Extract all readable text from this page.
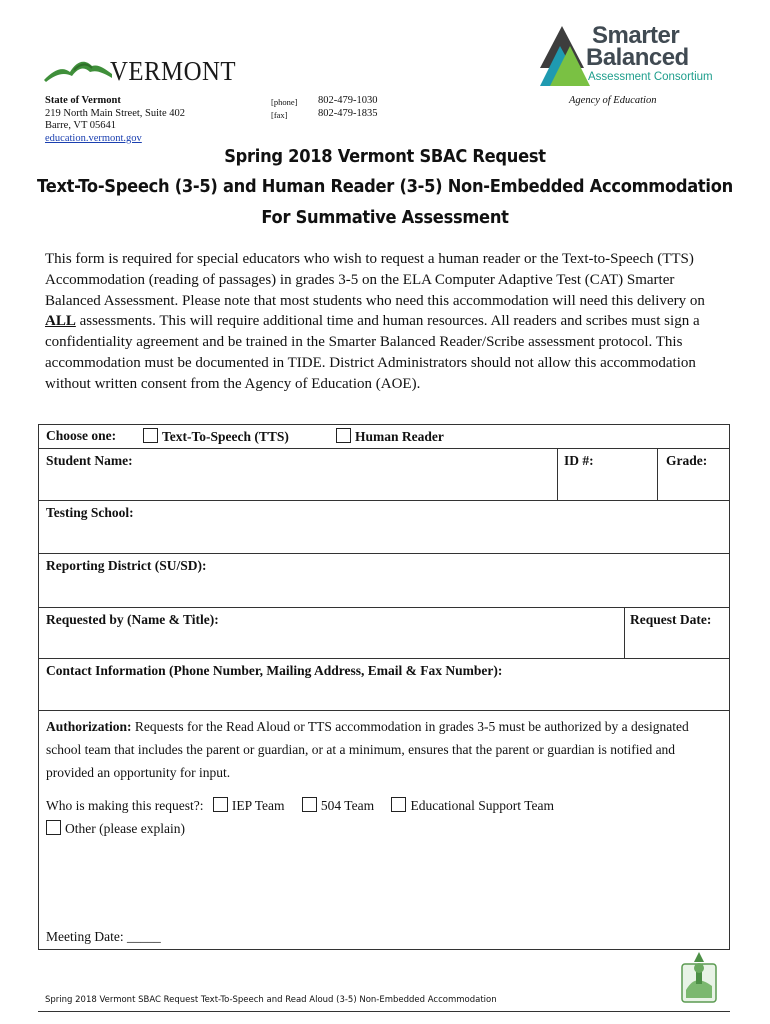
VERMONT
Smarter
Balanced
Assessment Consortium
State of Vermont
219 North Main Street, Suite 402
Barre, VT 05641
education.vermont.gov
[phone]
[fax]
802-479-1030
802-479-1835
Agency of Education
Spring 2018 Vermont SBAC Request
Text-To-Speech (3-5) and Human Reader (3-5) Non-Embedded Accommodation
For Summative Assessment
This form is required for special educators who wish to request a human reader or the Text-to-Speech (TTS) Accommodation (reading of passages) in grades 3-5 on the ELA Computer Adaptive Test (CAT) Smarter Balanced Assessment. Please note that most students who need this accommodation will need this delivery on ALL assessments. This will require additional time and human resources. All readers and scribes must sign a confidentiality agreement and be trained in the Smarter Balanced Reader/Scribe assessment protocol. This accommodation must be documented in TIDE. District Administrators should not allow this accommodation without written consent from the Agency of Education (AOE).
Choose one:	Text-To-Speech (TTS)	Human Reader
Student Name:	ID #:	Grade:
Testing School:
Reporting District (SU/SD):
Requested by (Name & Title):	Request Date:
Contact Information (Phone Number, Mailing Address, Email & Fax Number):
Authorization: Requests for the Read Aloud or TTS accommodation in grades 3-5 must be authorized by a designated school team that includes the parent or guardian, or at a minimum, ensures that the parent or guardian is notified and provided an opportunity for input.
Who is making this request?: IEP Team	504 Team	Educational Support Team
Other (please explain)
Meeting Date: _____
Spring 2018 Vermont SBAC Request Text-To-Speech and Read Aloud (3-5) Non-Embedded Accommodation
